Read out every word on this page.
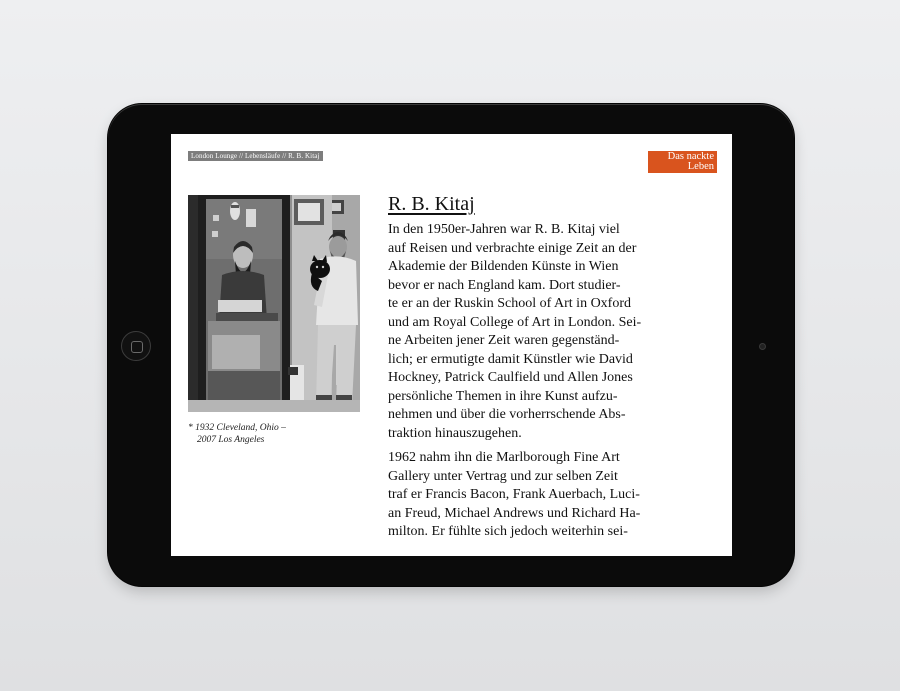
London Lounge // Lebensläufe // R. B. Kitaj	Das nackte
Leben
* 1932 Cleveland, Ohio –
2007 Los Angeles
R. B. Kitaj

In den 1950er-Jahren war R. B. Kitaj viel
auf Reisen und verbrachte einige Zeit an der
Akademie der Bildenden Künste in Wien
bevor er nach England kam. Dort studier-
te er an der Ruskin School of Art in Oxford
und am Royal College of Art in London. Sei-
ne Arbeiten jener Zeit waren gegenständ-
lich; er ermutigte damit Künstler wie David
Hockney, Patrick Caulfield und Allen Jones
persönliche Themen in ihre Kunst aufzu-
nehmen und über die vorherrschende Abs-
traktion hinauszugehen.

1962 nahm ihn die Marlborough Fine Art
Gallery unter Vertrag und zur selben Zeit
traf er Francis Bacon, Frank Auerbach, Luci-
an Freud, Michael Andrews und Richard Ha-
milton. Er fühlte sich jedoch weiterhin sei-
